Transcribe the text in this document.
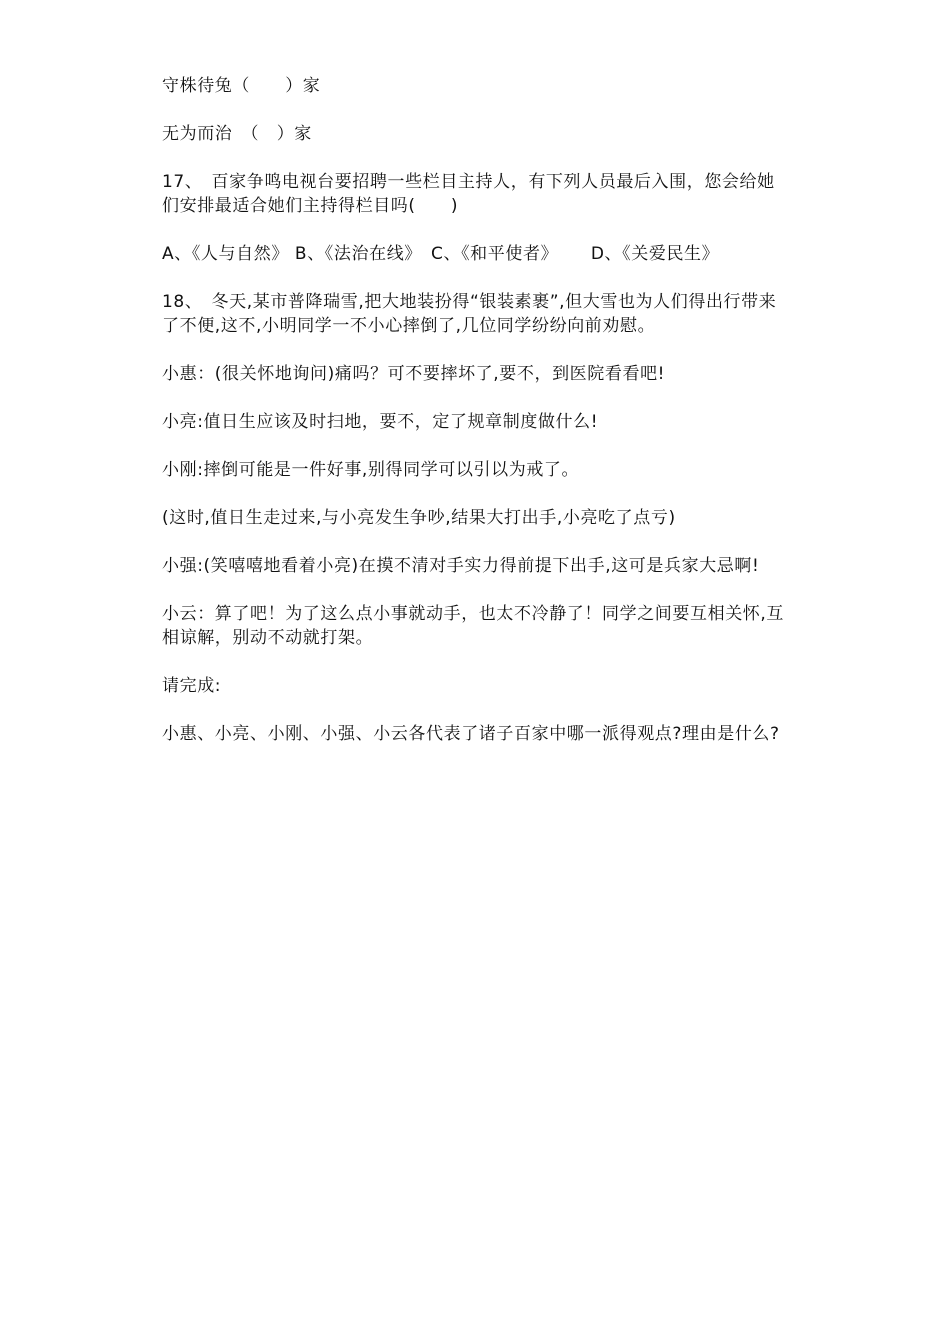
守株待兔（　　）家

无为而治　（　）家

17、　百家争鸣电视台要招聘一些栏目主持人，有下列人员最后入围，您会给她们安排最适合她们主持得栏目吗(　　)

A、《人与自然》 B、《法治在线》　C、《和平使者》　　 D、《关爱民生》

18、　冬天,某市普降瑞雪,把大地装扮得“银装素裹”,但大雪也为人们得出行带来了不便,这不,小明同学一不小心摔倒了,几位同学纷纷向前劝慰。

小惠：(很关怀地询问)痛吗？可不要摔坏了,要不，到医院看看吧!

小亮:值日生应该及时扫地，要不，定了规章制度做什么!

小刚:摔倒可能是一件好事,别得同学可以引以为戒了。

(这时,值日生走过来,与小亮发生争吵,结果大打出手,小亮吃了点亏)

小强:(笑嘻嘻地看着小亮)在摸不清对手实力得前提下出手,这可是兵家大忌啊!

小云：算了吧！为了这么点小事就动手，也太不冷静了！同学之间要互相关怀,互相谅解，别动不动就打架。

请完成:

小惠、小亮、小刚、小强、小云各代表了诸子百家中哪一派得观点?理由是什么?
